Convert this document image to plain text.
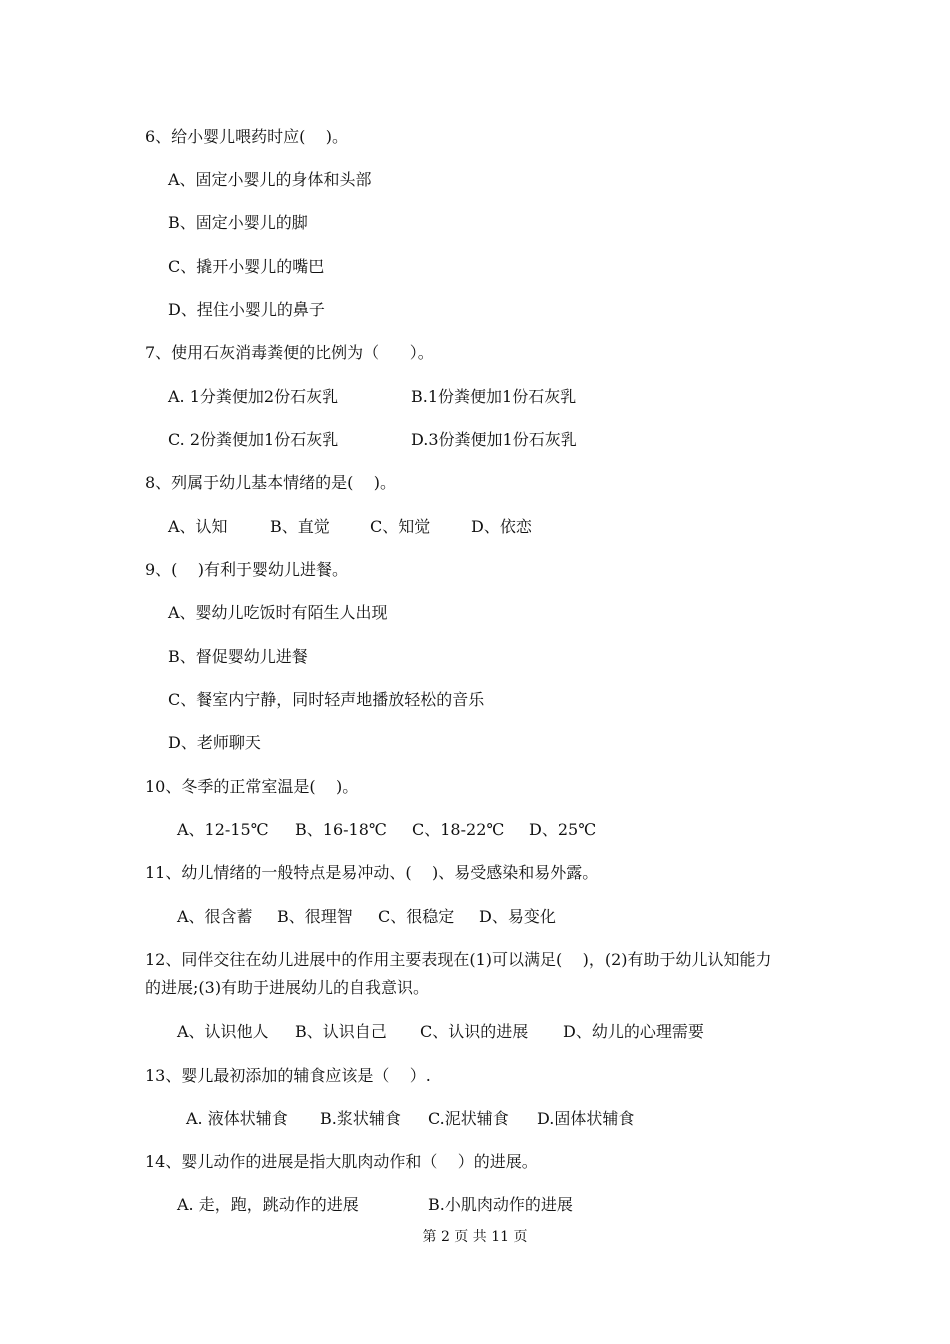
6、给小婴儿喂药时应(    )。
A、固定小婴儿的身体和头部
B、固定小婴儿的脚
C、撬开小婴儿的嘴巴
D、捏住小婴儿的鼻子
7、使用石灰消毒粪便的比例为（      ）。
A. 1分粪便加2份石灰乳	B.1份粪便加1份石灰乳
C. 2份粪便加1份石灰乳	D.3份粪便加1份石灰乳
8、列属于幼儿基本情绪的是(    )。
A、认知	B、直觉	C、知觉	D、依恋
9、(    )有利于婴幼儿进餐。
A、婴幼儿吃饭时有陌生人出现
B、督促婴幼儿进餐
C、餐室内宁静，同时轻声地播放轻松的音乐
D、老师聊天
10、冬季的正常室温是(    )。
A、12-15℃ B、16-18℃ C、18-22℃ D、25℃
11、幼儿情绪的一般特点是易冲动、(    )、易受感染和易外露。
A、很含蓄 B、很理智 C、很稳定 D、易变化
12、同伴交往在幼儿进展中的作用主要表现在(1)可以满足(    )，(2)有助于幼儿认知能力
的进展;(3)有助于进展幼儿的自我意识。
A、认识他人 B、认识自己 C、认识的进展 D、幼儿的心理需要
13、婴儿最初添加的辅食应该是（    ）.
A. 液体状辅食 B.浆状辅食 C.泥状辅食 D.固体状辅食
14、婴儿动作的进展是指大肌肉动作和（    ）的进展。
A. 走，跑，跳动作的进展	B.小肌肉动作的进展
第 2 页 共 11 页
